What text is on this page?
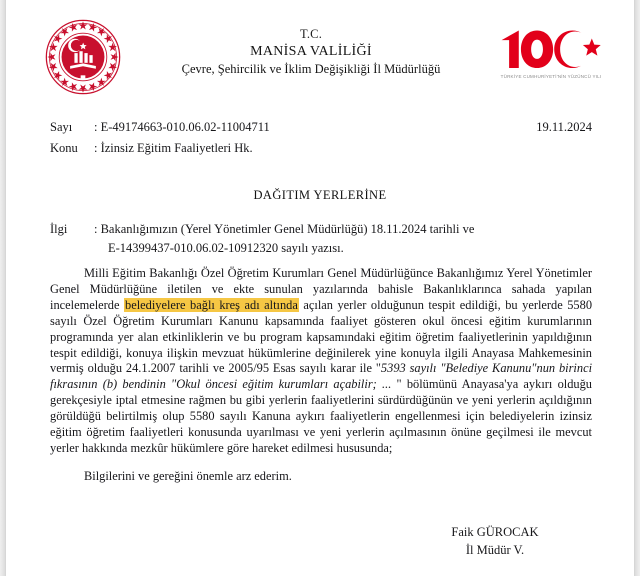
T.C.
MANİSA VALİLİĞİ
Çevre, Şehircilik ve İklim Değişikliği İl Müdürlüğü
TÜRKİYE CUMHURİYETİ'NİN YÜZÜNCÜ YILI
Sayı	: E-49174663-010.06.02-11004711	19.11.2024
Konu	: İzinsiz Eğitim Faaliyetleri Hk.
DAĞITIM YERLERİNE
İlgi : Bakanlığımızın (Yerel Yönetimler Genel Müdürlüğü) 18.11.2024 tarihli ve
E-14399437-010.06.02-10912320 sayılı yazısı.

Milli Eğitim Bakanlığı Özel Öğretim Kurumları Genel Müdürlüğünce Bakanlığımız Yerel Yönetimler Genel Müdürlüğüne iletilen ve ekte sunulan yazılarında bahisle Bakanlıklarınca sahada yapılan incelemelerde belediyelere bağlı kreş adı altında açılan yerler olduğunun tespit edildiği, bu yerlerde 5580 sayılı Özel Öğretim Kurumları Kanunu kapsamında faaliyet gösteren okul öncesi eğitim kurumlarının programında yer alan etkinliklerin ve bu program kapsamındaki eğitim öğretim faaliyetlerinin yapıldığının tespit edildiği, konuya ilişkin mevzuat hükümlerine değinilerek yine konuyla ilgili Anayasa Mahkemesinin vermiş olduğu 24.1.2007 tarihli ve 2005/95 Esas sayılı karar ile "5393 sayılı "Belediye Kanunu"nun birinci fıkrasının (b) bendinin "Okul öncesi eğitim kurumları açabilir; ... " bölümünü Anayasa'ya aykırı olduğu gerekçesiyle iptal etmesine rağmen bu gibi yerlerin faaliyetlerini sürdürdüğünün ve yeni yerlerin açıldığının görüldüğü belirtilmiş olup 5580 sayılı Kanuna aykırı faaliyetlerin engellenmesi için belediyelerin izinsiz eğitim öğretim faaliyetleri konusunda uyarılması ve yeni yerlerin açılmasının önüne geçilmesi ile mevcut yerler hakkında mezkûr hükümlere göre hareket edilmesi hususunda;

Bilgilerini ve gereğini önemle arz ederim.

Faik GÜROCAK
İl Müdür V.
